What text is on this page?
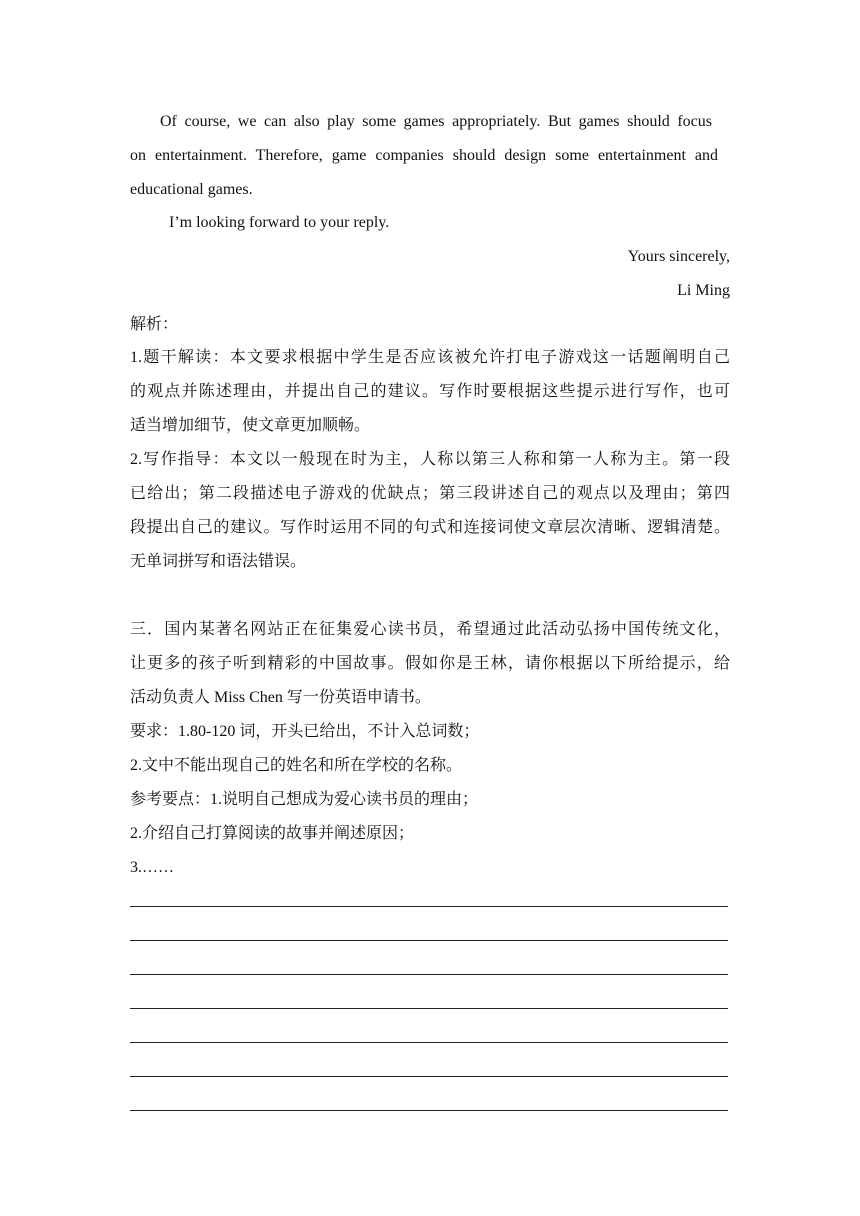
Of course, we can also play some games appropriately. But games should focus
on entertainment. Therefore, game companies should design some entertainment and
educational games.
I’m looking forward to your reply.
Yours sincerely,
Li Ming
解析：
1.题干解读：本文要求根据中学生是否应该被允许打电子游戏这一话题阐明自己
的观点并陈述理由，并提出自己的建议。写作时要根据这些提示进行写作，也可
适当增加细节，使文章更加顺畅。
2.写作指导：本文以一般现在时为主，人称以第三人称和第一人称为主。第一段
已给出；第二段描述电子游戏的优缺点；第三段讲述自己的观点以及理由；第四
段提出自己的建议。写作时运用不同的句式和连接词使文章层次清晰、逻辑清楚。
无单词拼写和语法错误。
三．国内某著名网站正在征集爱心读书员，希望通过此活动弘扬中国传统文化，
让更多的孩子听到精彩的中国故事。假如你是王林，请你根据以下所给提示，给
活动负责人 Miss Chen 写一份英语申请书。
要求：1.80-120 词，开头已给出，不计入总词数；
2.文中不能出现自己的姓名和所在学校的名称。
参考要点：1.说明自己想成为爱心读书员的理由；
2.介绍自己打算阅读的故事并阐述原因；
3.……
